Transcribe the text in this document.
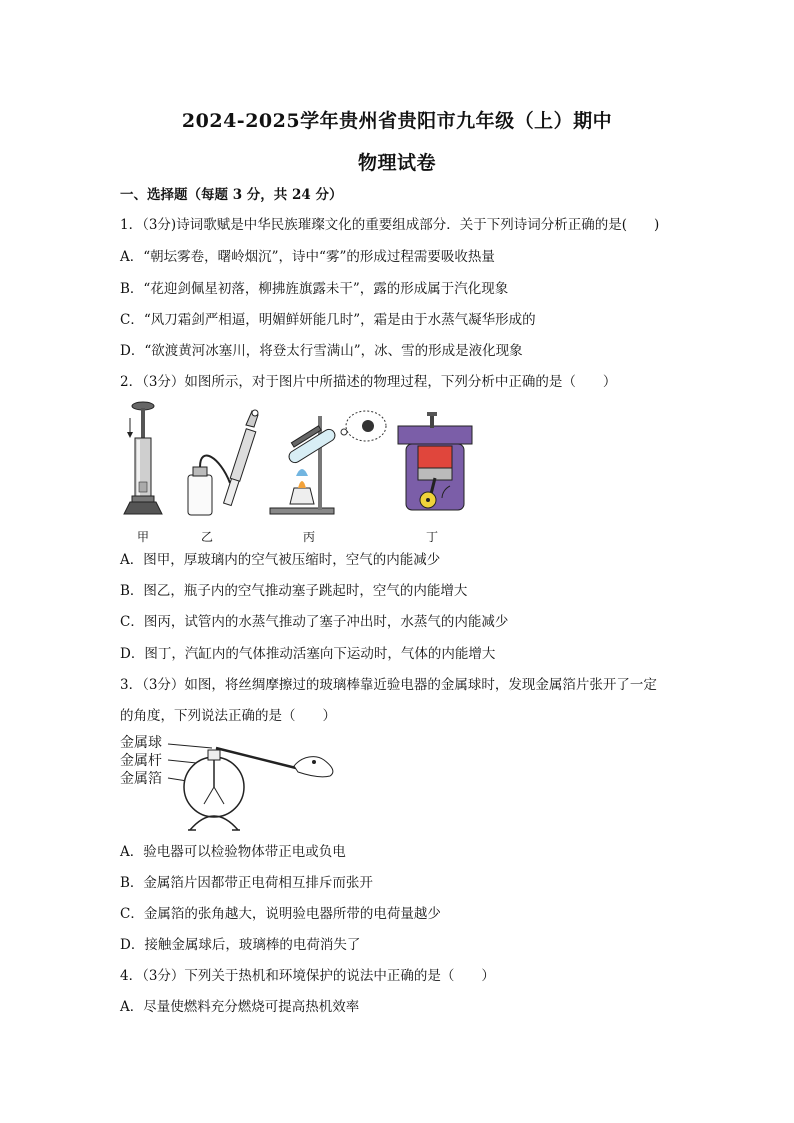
2024-2025学年贵州省贵阳市九年级（上）期中
物理试卷
一、选择题（每题 3 分，共 24 分）
1．（3分)诗词歌赋是中华民族璀璨文化的重要组成部分．关于下列诗词分析正确的是(　　)
A．“朝坛雾卷，曙岭烟沉”，诗中“雾”的形成过程需要吸收热量
B．“花迎剑佩星初落，柳拂旌旗露未干”，露的形成属于汽化现象
C．“风刀霜剑严相逼，明媚鲜妍能几时”，霜是由于水蒸气凝华形成的
D．“欲渡黄河冰塞川，将登太行雪满山”，冰、雪的形成是液化现象
2．（3分）如图所示，对于图片中所描述的物理过程，下列分析中正确的是（　　）
甲	乙	丙	丁
A．图甲，厚玻璃内的空气被压缩时，空气的内能减少
B．图乙，瓶子内的空气推动塞子跳起时，空气的内能增大
C．图丙，试管内的水蒸气推动了塞子冲出时，水蒸气的内能减少
D．图丁，汽缸内的气体推动活塞向下运动时，气体的内能增大
3．（3分）如图，将丝绸摩擦过的玻璃棒靠近验电器的金属球时，发现金属箔片张开了一定
的角度，下列说法正确的是（　　）
金属球
金属杆
金属箔
A．验电器可以检验物体带正电或负电
B．金属箔片因都带正电荷相互排斥而张开
C．金属箔的张角越大，说明验电器所带的电荷量越少
D．接触金属球后，玻璃棒的电荷消失了
4．（3分）下列关于热机和环境保护的说法中正确的是（　　）
A．尽量使燃料充分燃烧可提高热机效率
